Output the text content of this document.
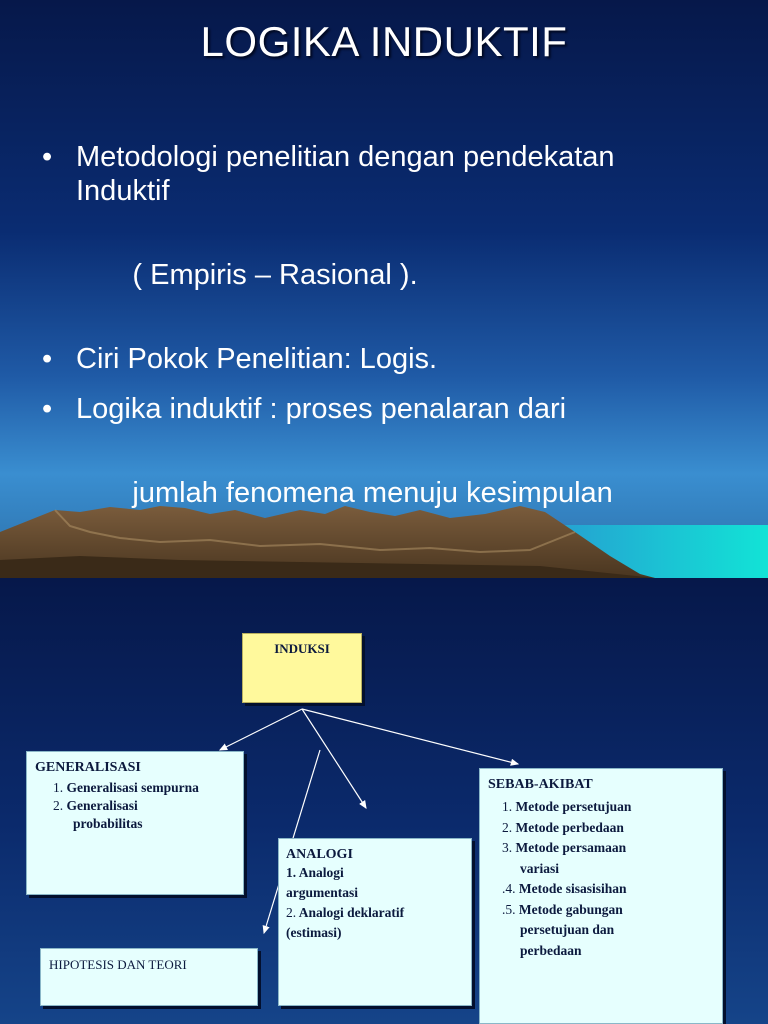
LOGIKA INDUKTIF
• Metodologi penelitian dengan pendekatan
Induktif

( Empiris – Rasional ).

• Ciri Pokok Penelitian: Logis.
• Logika induktif : proses penalaran dari

jumlah fenomena menuju kesimpulan

INDUKSI
GENERALISASI
1. Generalisasi sempurna
2. Generalisasi
probabilitas
ANALOGI
1. Analogi
argumentasi
2. Analogi deklaratif
(estimasi)
SEBAB-AKIBAT
1. Metode persetujuan
2. Metode perbedaan
3. Metode persamaan
variasi
.4. Metode sisasisihan
.5. Metode gabungan
persetujuan dan
perbedaan
HIPOTESIS DAN TEORI
